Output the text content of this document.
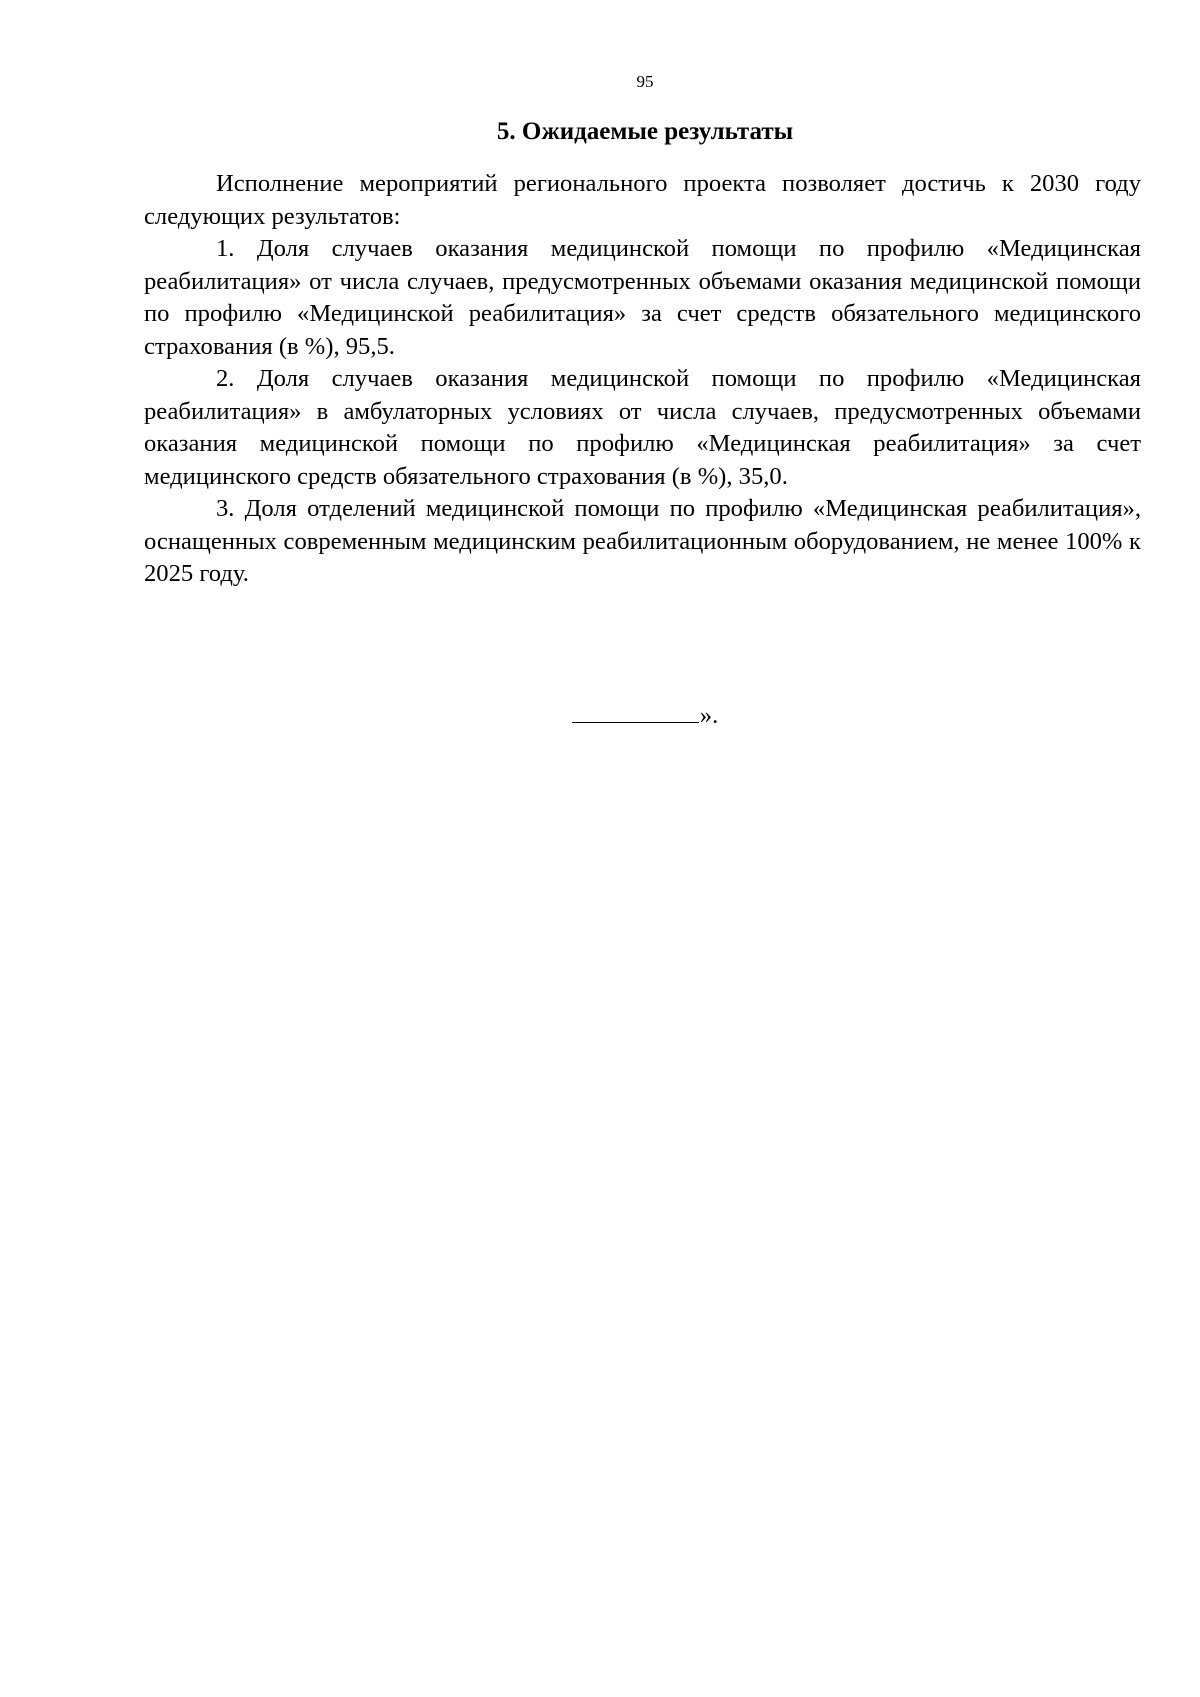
95
5. Ожидаемые результаты

Исполнение мероприятий регионального проекта позволяет достичь к 2030 году следующих результатов:

1. Доля случаев оказания медицинской помощи по профилю «Медицинская реабилитация» от числа случаев, предусмотренных объемами оказания медицинской помощи по профилю «Медицинской реабилитация» за счет средств обязательного медицинского страхования (в %), 95,5.

2. Доля случаев оказания медицинской помощи по профилю «Медицинская реабилитация» в амбулаторных условиях от числа случаев, предусмотренных объемами оказания медицинской помощи по профилю «Медицинская реабилитация» за счет медицинского средств обязательного страхования (в %), 35,0.

3. Доля отделений медицинской помощи по профилю «Медицинская реабилитация», оснащенных современным медицинским реабилитационным оборудованием, не менее 100% к 2025 году.

».
